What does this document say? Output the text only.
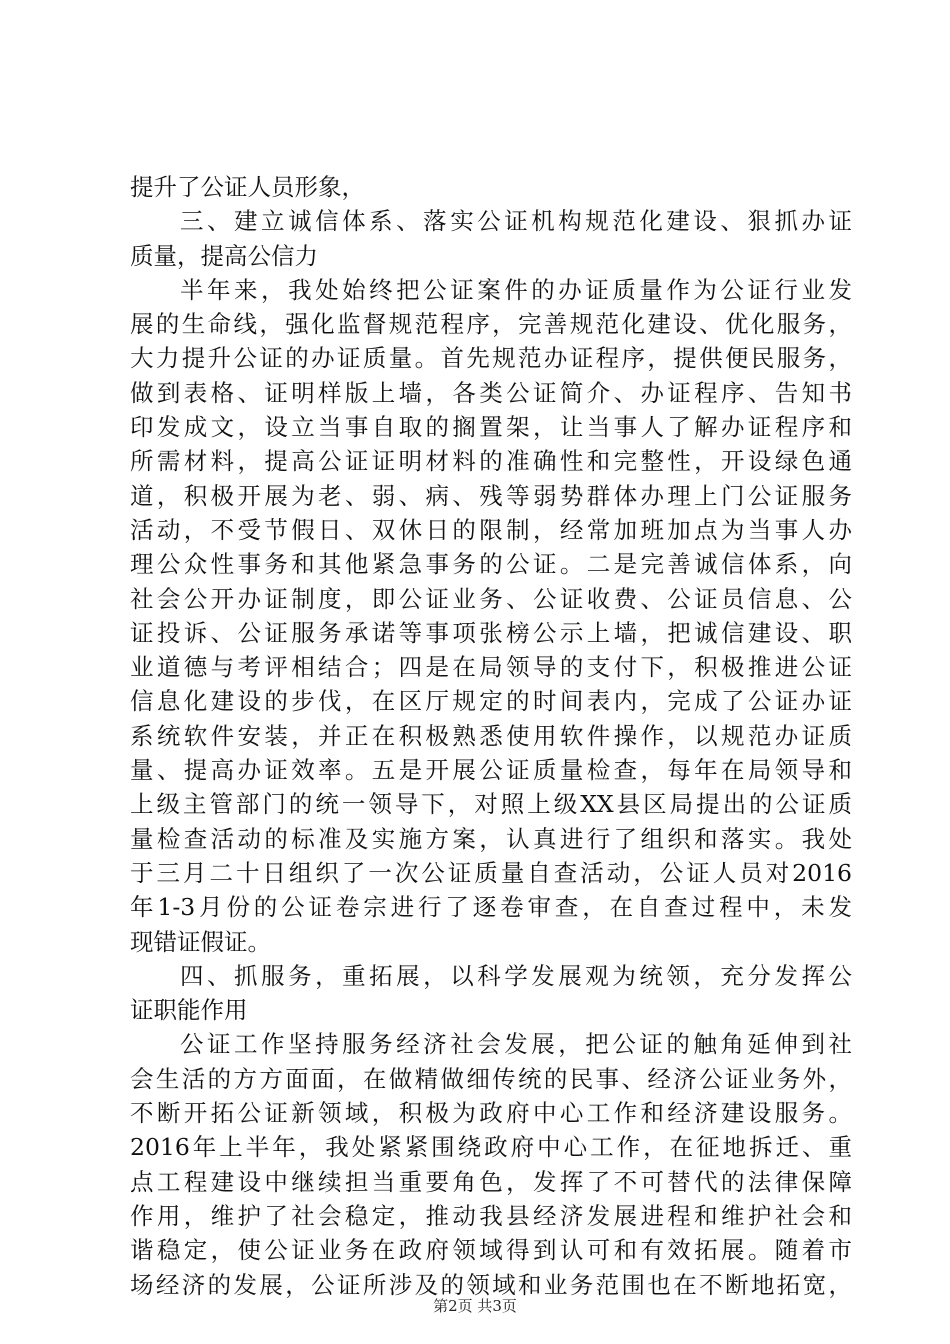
提升了公证人员形象，
三、建立诚信体系、落实公证机构规范化建设、狠抓办证
质量，提高公信力
半年来，我处始终把公证案件的办证质量作为公证行业发
展的生命线，强化监督规范程序，完善规范化建设、优化服务，
大力提升公证的办证质量。首先规范办证程序，提供便民服务，
做到表格、证明样版上墙，各类公证简介、办证程序、告知书
印发成文，设立当事自取的搁置架，让当事人了解办证程序和
所需材料，提高公证证明材料的准确性和完整性，开设绿色通
道，积极开展为老、弱、病、残等弱势群体办理上门公证服务
活动，不受节假日、双休日的限制，经常加班加点为当事人办
理公众性事务和其他紧急事务的公证。二是完善诚信体系，向
社会公开办证制度，即公证业务、公证收费、公证员信息、公
证投诉、公证服务承诺等事项张榜公示上墙，把诚信建设、职
业道德与考评相结合；四是在局领导的支付下，积极推进公证
信息化建设的步伐，在区厅规定的时间表内，完成了公证办证
系统软件安装，并正在积极熟悉使用软件操作，以规范办证质
量、提高办证效率。五是开展公证质量检查，每年在局领导和
上级主管部门的统一领导下，对照上级XX县区局提出的公证质
量检查活动的标准及实施方案，认真进行了组织和落实。我处
于三月二十日组织了一次公证质量自查活动，公证人员对2016
年1-3月份的公证卷宗进行了逐卷审查，在自查过程中，未发
现错证假证。
四、抓服务，重拓展，以科学发展观为统领，充分发挥公
证职能作用
公证工作坚持服务经济社会发展，把公证的触角延伸到社
会生活的方方面面，在做精做细传统的民事、经济公证业务外，
不断开拓公证新领域，积极为政府中心工作和经济建设服务。
2016年上半年，我处紧紧围绕政府中心工作，在征地拆迁、重
点工程建设中继续担当重要角色，发挥了不可替代的法律保障
作用，维护了社会稳定，推动我县经济发展进程和维护社会和
谐稳定，使公证业务在政府领域得到认可和有效拓展。随着市
场经济的发展，公证所涉及的领域和业务范围也在不断地拓宽，
第2页 共3页
